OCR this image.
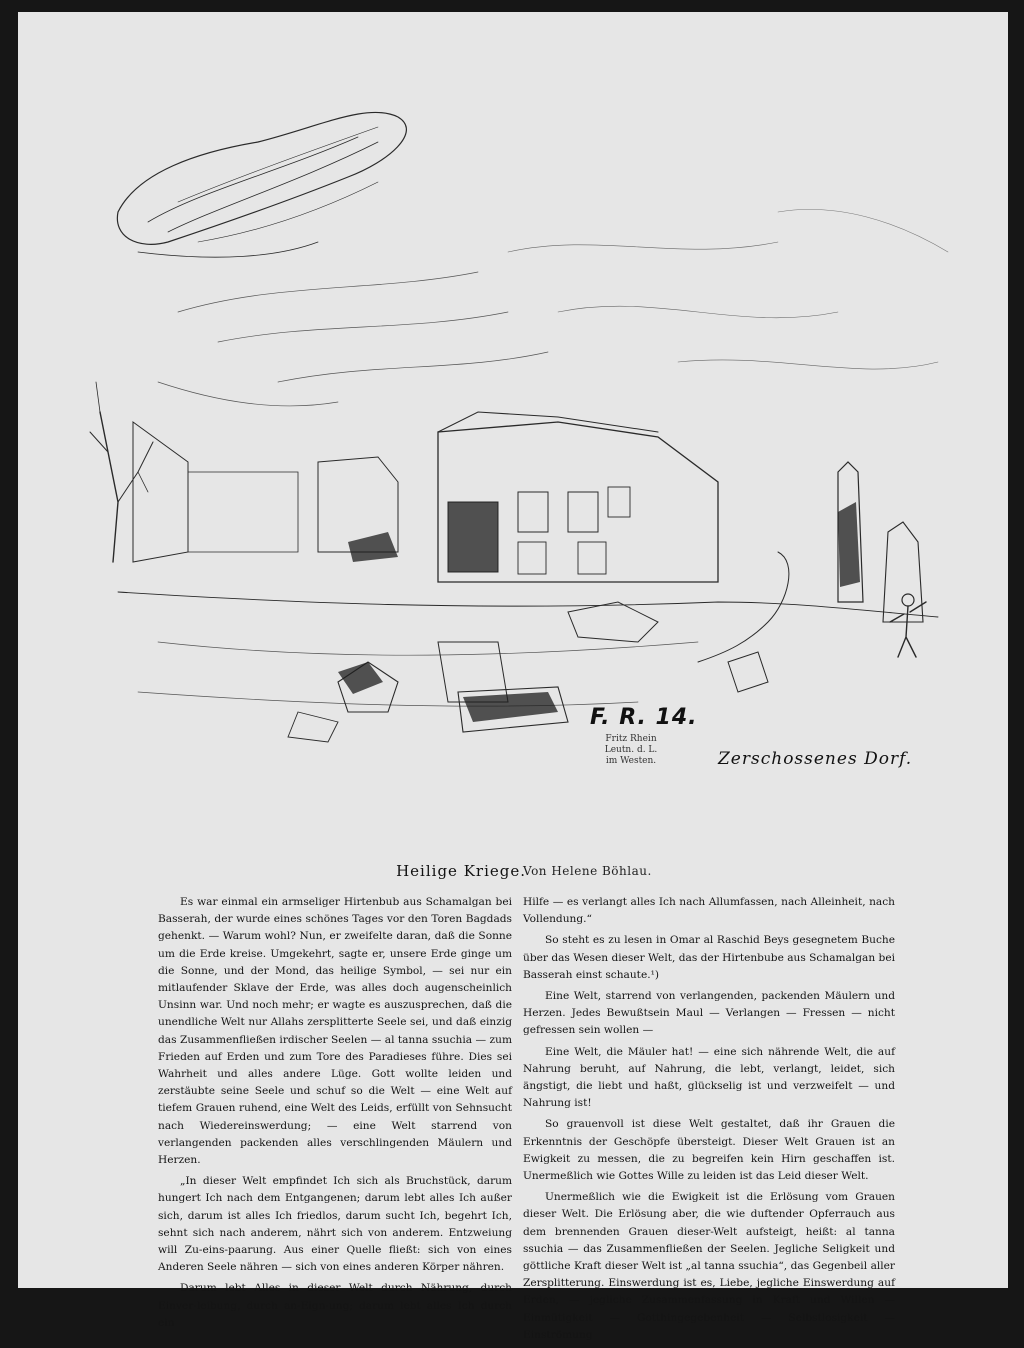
F. R. 14.
Fritz Rhein
Leutn. d. L.
im Westen.	Zerschossenes Dorf.
Heilige Kriege.
Von Helene Böhlau.

Es war einmal ein armseliger Hirtenbub aus Schamalgan bei Basserah, der wurde eines schönes Tages vor den Toren Bagdads gehenkt. — Warum wohl? Nun, er zweifelte daran, daß die Sonne um die Erde kreise. Umgekehrt, sagte er, unsere Erde ginge um die Sonne, und der Mond, das heilige Symbol, — sei nur ein mitlaufender Sklave der Erde, was alles doch augenscheinlich Unsinn war. Und noch mehr; er wagte es auszusprechen, daß die unendliche Welt nur Allahs zersplitterte Seele sei, und daß einzig das Zusammenfließen irdischer Seelen — al tanna ssuchia — zum Frieden auf Erden und zum Tore des Paradieses führe. Dies sei Wahrheit und alles andere Lüge. Gott wollte leiden und zerstäubte seine Seele und schuf so die Welt — eine Welt auf tiefem Grauen ruhend, eine Welt des Leids, erfüllt von Sehnsucht nach Wiedereinswerdung; — eine Welt starrend von verlangenden packenden alles verschlingenden Mäulern und Herzen.

„In dieser Welt empfindet Ich sich als Bruchstück, darum hungert Ich nach dem Entgangenen; darum lebt alles Ich außer sich, darum ist alles Ich friedlos, darum sucht Ich, begehrt Ich, sehnt sich nach anderem, nährt sich von anderem. Entzweiung will Zu-eins-paarung. Aus einer Quelle fließt: sich von eines Anderen Seele nähren — sich von eines anderen Körper nähren.

Darum lebt Alles in dieser Welt durch Nährung, durch Einver-leibung, durch an-Eign-ung; darum lebt alles Ich durch ein

Hilfe — es verlangt alles Ich nach Allumfassen, nach Alleinheit, nach Vollendung.“

So steht es zu lesen in Omar al Raschid Beys gesegnetem Buche über das Wesen dieser Welt, das der Hirtenbube aus Schamalgan bei Basserah einst schaute.¹)

Eine Welt, starrend von verlangenden, packenden Mäulern und Herzen. Jedes Bewußtsein Maul — Verlangen — Fressen — nicht gefressen sein wollen —

Eine Welt, die Mäuler hat! — eine sich nährende Welt, die auf Nahrung beruht, auf Nahrung, die lebt, verlangt, leidet, sich ängstigt, die liebt und haßt, glückselig ist und verzweifelt — und Nahrung ist!

So grauenvoll ist diese Welt gestaltet, daß ihr Grauen die Erkenntnis der Geschöpfe übersteigt. Dieser Welt Grauen ist an Ewigkeit zu messen, die zu begreifen kein Hirn geschaffen ist. Unermeßlich wie Gottes Wille zu leiden ist das Leid dieser Welt.

Unermeßlich wie die Ewigkeit ist die Erlösung vom Grauen dieser Welt. Die Erlösung aber, die wie duftender Opferrauch aus dem brennenden Grauen dieser-Welt aufsteigt, heißt: al tanna ssuchia — das Zusammenfließen der Seelen. Jegliche Seligkeit und göttliche Kraft dieser Welt ist „al tanna ssuchia“, das Gegenbeil aller Zersplitterung. Einswerdung ist es, Liebe, jegliche Einswerdung auf Erden, — jegliche Zusammenfassung in Kraft und Willen — Einmütigkeit — Gotthingegebenheit — Selbstlosigkeit — Einströmung
